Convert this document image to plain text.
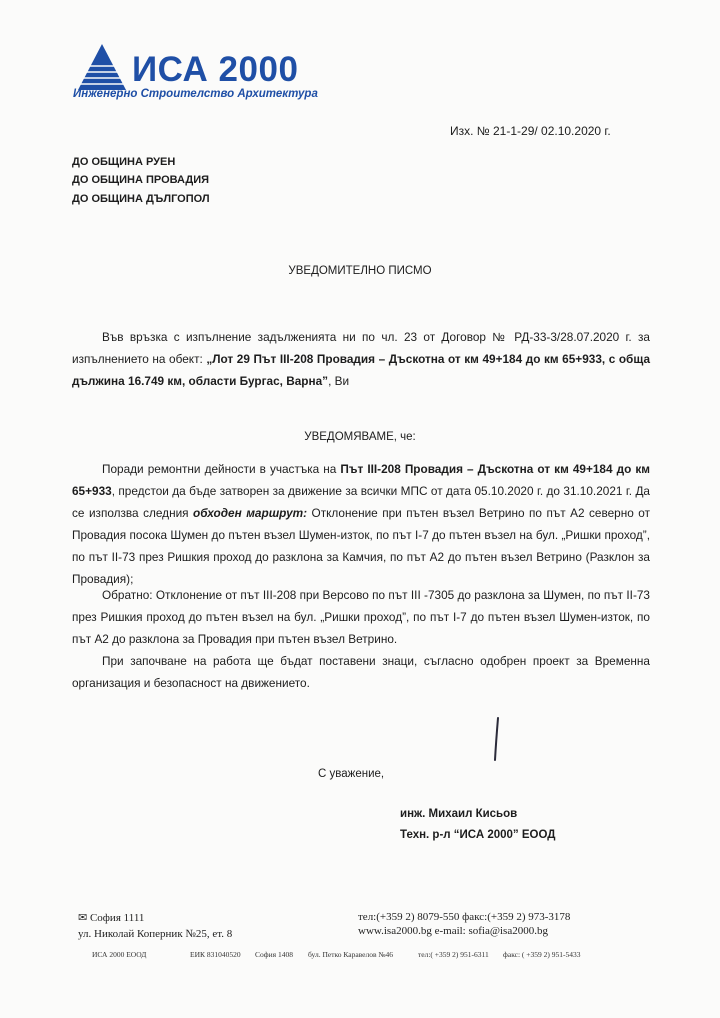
ИСА 2000
Инженерно Строителство Архитектура
Изх. № 21-1-29/ 02.10.2020 г.
ДО ОБЩИНА РУЕН
ДО ОБЩИНА ПРОВАДИЯ
ДО ОБЩИНА ДЪЛГОПОЛ
УВЕДОМИТЕЛНО ПИСМО
Във връзка с изпълнение задълженията ни по чл. 23 от Договор № РД-33-3/28.07.2020 г. за изпълнението на обект: „Лот 29 Път III-208 Провадия – Дъскотна от км 49+184 до км 65+933, с обща дължина 16.749 км, области Бургас, Варна”, Ви
УВЕДОМЯВАМЕ, че:
Поради ремонтни дейности в участъка на Път III-208 Провадия – Дъскотна от км 49+184 до км 65+933, предстои да бъде затворен за движение за всички МПС от дата 05.10.2020 г. до 31.10.2021 г. Да се използва следния обходен маршрут: Отклонение при пътен възел Ветрино по път А2 северно от Провадия посока Шумен до пътен възел Шумен-изток, по път I-7 до пътен възел на бул. „Ришки проход”, по път II-73 през Ришкия проход до разклона за Камчия, по път А2 до пътен възел Ветрино (Разклон за Провадия);
Обратно: Отклонение от път III-208 при Версово по път III -7305 до разклона за Шумен, по път II-73 през Ришкия проход до пътен възел на бул. „Ришки проход”, по път I-7 до пътен възел Шумен-изток, по път А2 до разклона за Провадия при пътен възел Ветрино.
При започване на работа ще бъдат поставени знаци, съгласно одобрен проект за Временна организация и безопасност на движението.
С уважение,
инж. Михаил Кисьов
Техн. р-л “ИСА 2000” ЕООД
✉ София 1111
ул. Николай Коперник №25, ет. 8
тел:(+359 2) 8079-550 факс:(+359 2) 973-3178
www.isa2000.bg e-mail: sofia@isa2000.bg
ИСА 2000 ЕООД	ЕИК 831040520 София 1408 бул. Петко Каравелов №46	тел:( +359 2) 951-6311 факс: ( +359 2) 951-5433
